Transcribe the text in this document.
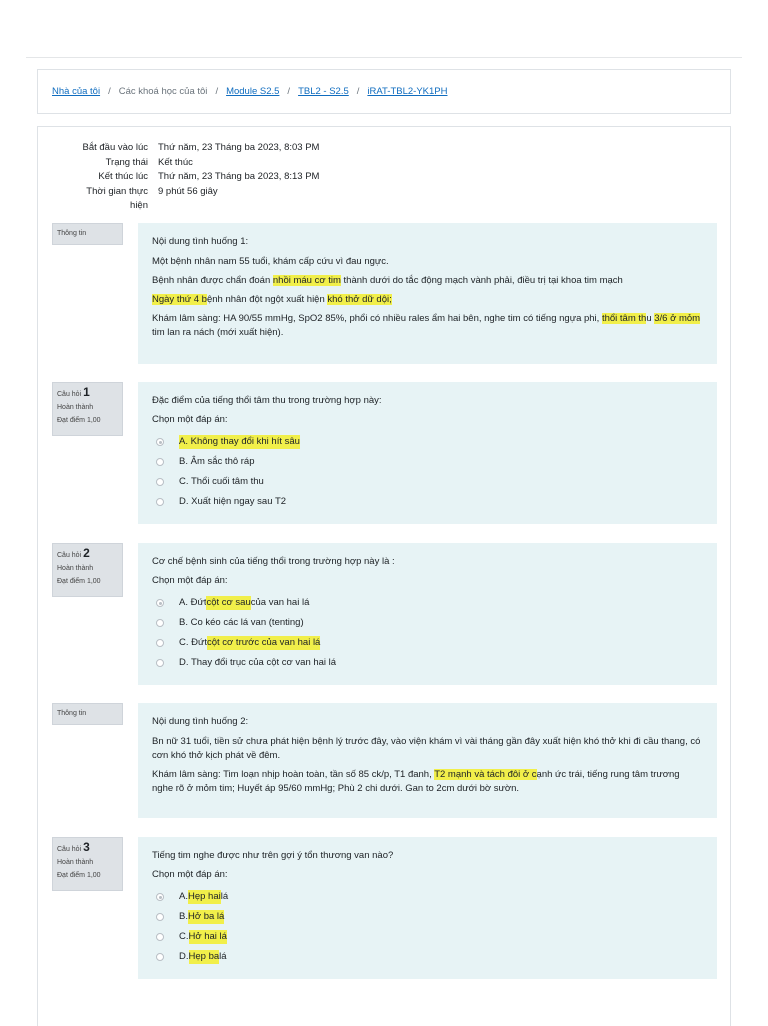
Nhà của tôi / Các khoá học của tôi / Module S2.5 / TBL2 - S2.5 / iRAT-TBL2-YK1PH
Bắt đầu vào lúc	Thứ năm, 23 Tháng ba 2023, 8:03 PM
Trạng thái	Kết thúc
Kết thúc lúc	Thứ năm, 23 Tháng ba 2023, 8:13 PM
Thời gian thực	9 phút 56 giây
hiện
Thông tin

Nội dung tình huống 1:

Một bệnh nhân nam 55 tuổi, khám cấp cứu vì đau ngực.

Bệnh nhân được chẩn đoán nhồi máu cơ tim thành dưới do tắc động mạch vành phải, điều trị tại khoa tim mạch

Ngày thứ 4 bệnh nhân đột ngột xuất hiện khó thở dữ dội;

Khám lâm sàng: HA 90/55 mmHg, SpO2 85%, phổi có nhiều rales ẩm hai bên, nghe tim có tiếng ngựa phi, thổi tâm thu 3/6 ở mỏm tim lan ra nách (mới xuất hiện).

Câu hỏi 1
Hoàn thành
Đạt điểm 1,00

Đặc điểm của tiếng thổi tâm thu trong trường hợp này:

Chọn một đáp án:

A. Không thay đổi khi hít sâu
B. Âm sắc thô ráp
C. Thổi cuối tâm thu
D. Xuất hiện ngay sau T2
Câu hỏi 2
Hoàn thành
Đạt điểm 1,00

Cơ chế bệnh sinh của tiếng thổi trong trường hợp này là :

Chọn một đáp án:

A. Đứt cột cơ sau của van hai lá
B. Co kéo các lá van (tenting)
C. Đứt cột cơ trước của van hai lá
D. Thay đổi trục của cột cơ van hai lá
Thông tin

Nội dung tình huống 2:

Bn nữ 31 tuổi, tiền sử chưa phát hiện bệnh lý trước đây, vào viện khám vì vài tháng gần đây xuất hiện khó thở khi đi cầu thang, có cơn khó thở kịch phát về đêm.

Khám lâm sàng: Tim loạn nhịp hoàn toàn, tần số 85 ck/p, T1 đanh, T2 mạnh và tách đôi ở cạnh ức trái, tiếng rung tâm trương nghe rõ ở mỏm tim; Huyết áp 95/60 mmHg; Phù 2 chi dưới. Gan to 2cm dưới bờ sườn.

Câu hỏi 3
Hoàn thành
Đạt điểm 1,00

Tiếng tim nghe được như trên gợi ý tổn thương van nào?

Chọn một đáp án:

A. Hẹp hai lá
B. Hở ba lá
C. Hở hai lá
D. Hẹp ba lá
